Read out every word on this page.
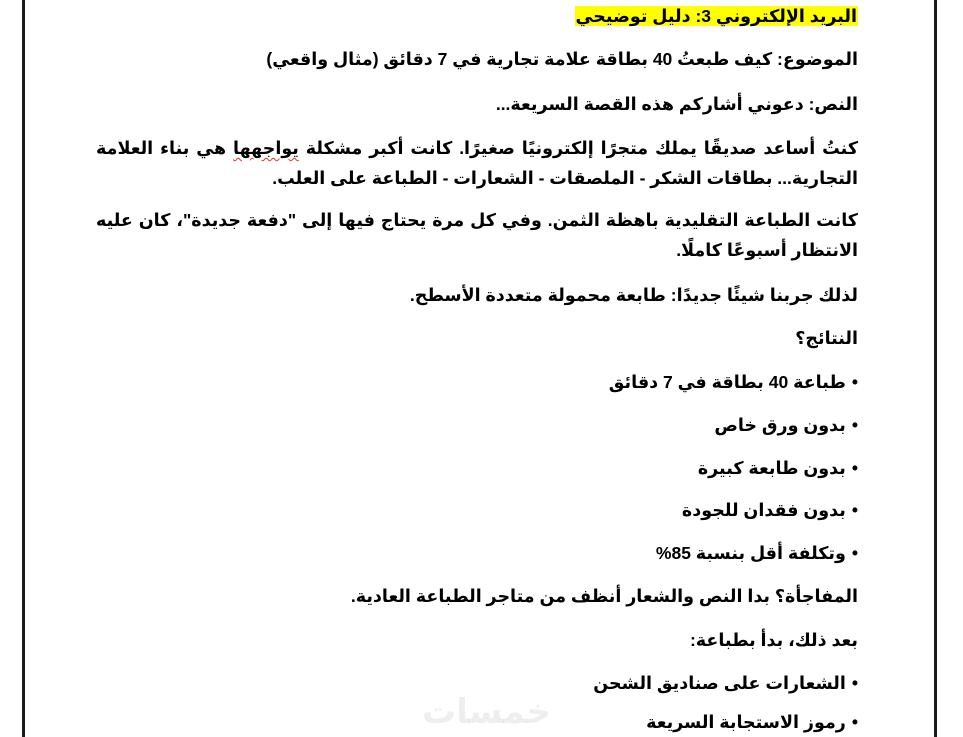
البريد الإلكتروني 3: دليل توضيحي
الموضوع: كيف طبعتُ 40 بطاقة علامة تجارية في 7 دقائق (مثال واقعي)
النص: دعوني أشاركم هذه القصة السريعة...
كنتُ أساعد صديقًا يملك متجرًا إلكترونيًا صغيرًا. كانت أكبر مشكلة يواجهها هي بناء العلامة التجارية... بطاقات الشكر - الملصقات - الشعارات - الطباعة على العلب.
كانت الطباعة التقليدية باهظة الثمن. وفي كل مرة يحتاج فيها إلى "دفعة جديدة"، كان عليه الانتظار أسبوعًا كاملًا.
لذلك جربنا شيئًا جديدًا: طابعة محمولة متعددة الأسطح.
النتائج؟
•طباعة 40 بطاقة في 7 دقائق
•بدون ورق خاص
•بدون طابعة كبيرة
•بدون فقدان للجودة
•وتكلفة أقل بنسبة 85%
المفاجأة؟ بدا النص والشعار أنظف من متاجر الطباعة العادية.
بعد ذلك، بدأ بطباعة:
•الشعارات على صناديق الشحن
•رموز الاستجابة السريعة
خمسات
